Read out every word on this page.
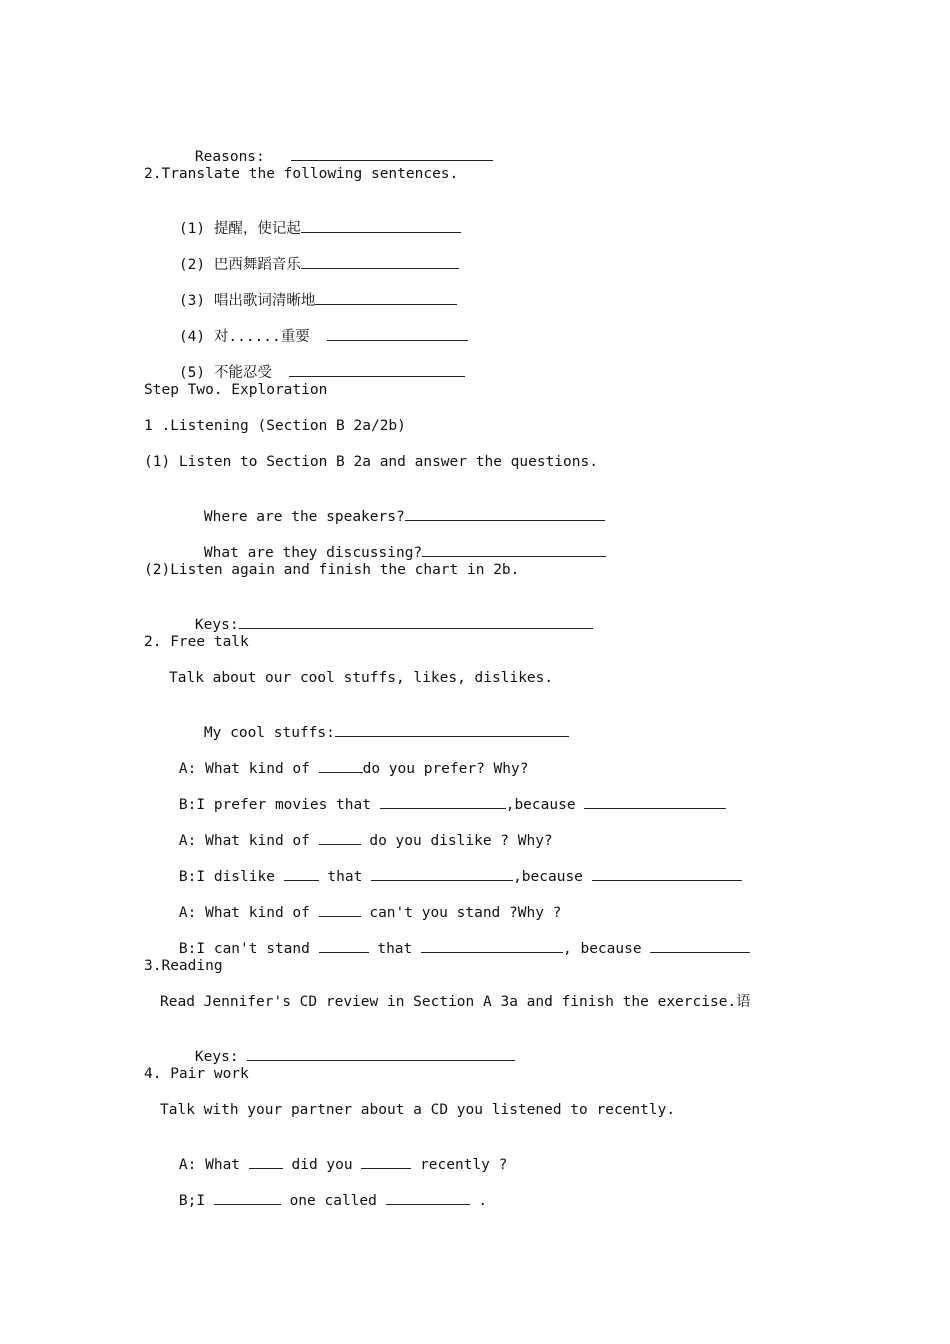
Reasons:

2.Translate the following sentences.

(1) 提醒，使记起

(2) 巴西舞蹈音乐

(3) 唱出歌词清晰地

(4) 对......重要

(5) 不能忍受

Step Two. Exploration
1 .Listening (Section B 2a/2b)
(1) Listen to Section B 2a and answer the questions.

Where are the speakers?

What are they discussing?

(2)Listen again and finish the chart in 2b.

Keys:

2. Free talk
Talk about our cool stuffs, likes, dislikes.

My cool stuffs:

A: What kind of	do you prefer? Why?

B:I prefer movies that	,because

A: What kind of	do you dislike ? Why?

B:I dislike  that	,because

A: What kind of	can't you stand ?Why ?

B:I can't stand	that	, because

3.Reading
Read Jennifer's CD review in Section A 3a and finish the exercise.语

Keys:

4. Pair work
Talk with your partner about a CD you listened to recently.

A: What  did you	recently ?

B;I	one called	.
